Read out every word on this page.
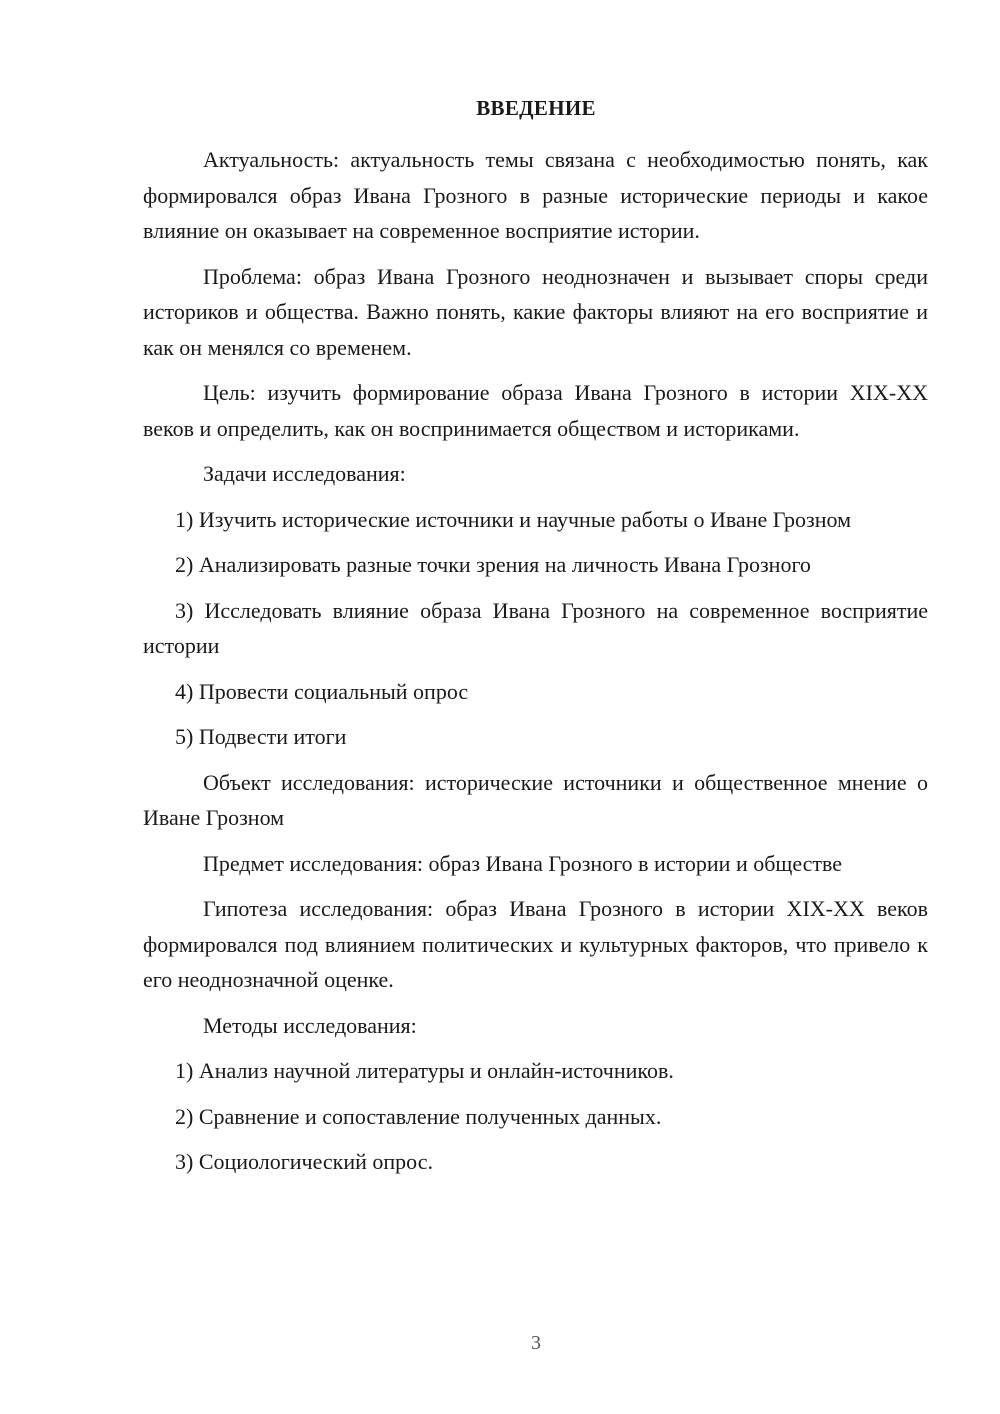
ВВЕДЕНИЕ

Актуальность: актуальность темы связана с необходимостью понять, как формировался образ Ивана Грозного в разные исторические периоды и какое влияние он оказывает на современное восприятие истории.

Проблема: образ Ивана Грозного неоднозначен и вызывает споры среди историков и общества. Важно понять, какие факторы влияют на его восприятие и как он менялся со временем.

Цель: изучить формирование образа Ивана Грозного в истории XIX-XX веков и определить, как он воспринимается обществом и историками.

Задачи исследования:

1) Изучить исторические источники и научные работы о Иване Грозном

2) Анализировать разные точки зрения на личность Ивана Грозного

3) Исследовать влияние образа Ивана Грозного на современное восприятие истории

4) Провести социальный опрос

5) Подвести итоги

Объект исследования: исторические источники и общественное мнение о Иване Грозном

Предмет исследования: образ Ивана Грозного в истории и обществе

Гипотеза исследования: образ Ивана Грозного в истории XIX-XX веков формировался под влиянием политических и культурных факторов, что привело к его неоднозначной оценке.

Методы исследования:

1) Анализ научной литературы и онлайн-источников.

2) Сравнение и сопоставление полученных данных.

3) Социологический опрос.

3
